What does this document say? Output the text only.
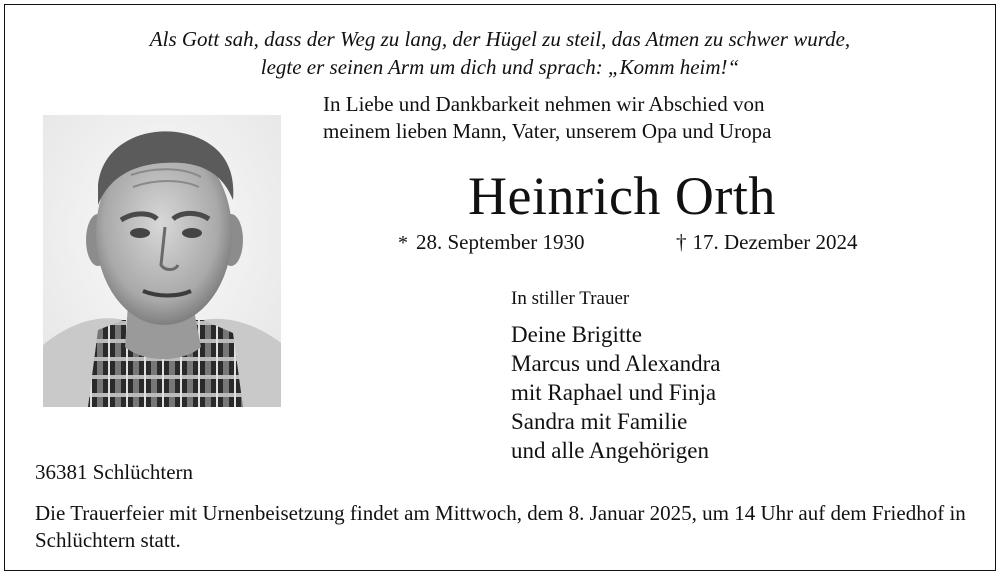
Als Gott sah, dass der Weg zu lang, der Hügel zu steil, das Atmen zu schwer wurde,
legte er seinen Arm um dich und sprach: „Komm heim!“
In Liebe und Dankbarkeit nehmen wir Abschied von
meinem lieben Mann, Vater, unserem Opa und Uropa
Heinrich Orth
* 28. September 1930	† 17. Dezember 2024
In stiller Trauer
Deine Brigitte
Marcus und Alexandra
mit Raphael und Finja
Sandra mit Familie
und alle Angehörigen
36381 Schlüchtern
Die Trauerfeier mit Urnenbeisetzung findet am Mittwoch, dem 8. Januar 2025, um 14 Uhr auf dem Friedhof in Schlüchtern statt.
